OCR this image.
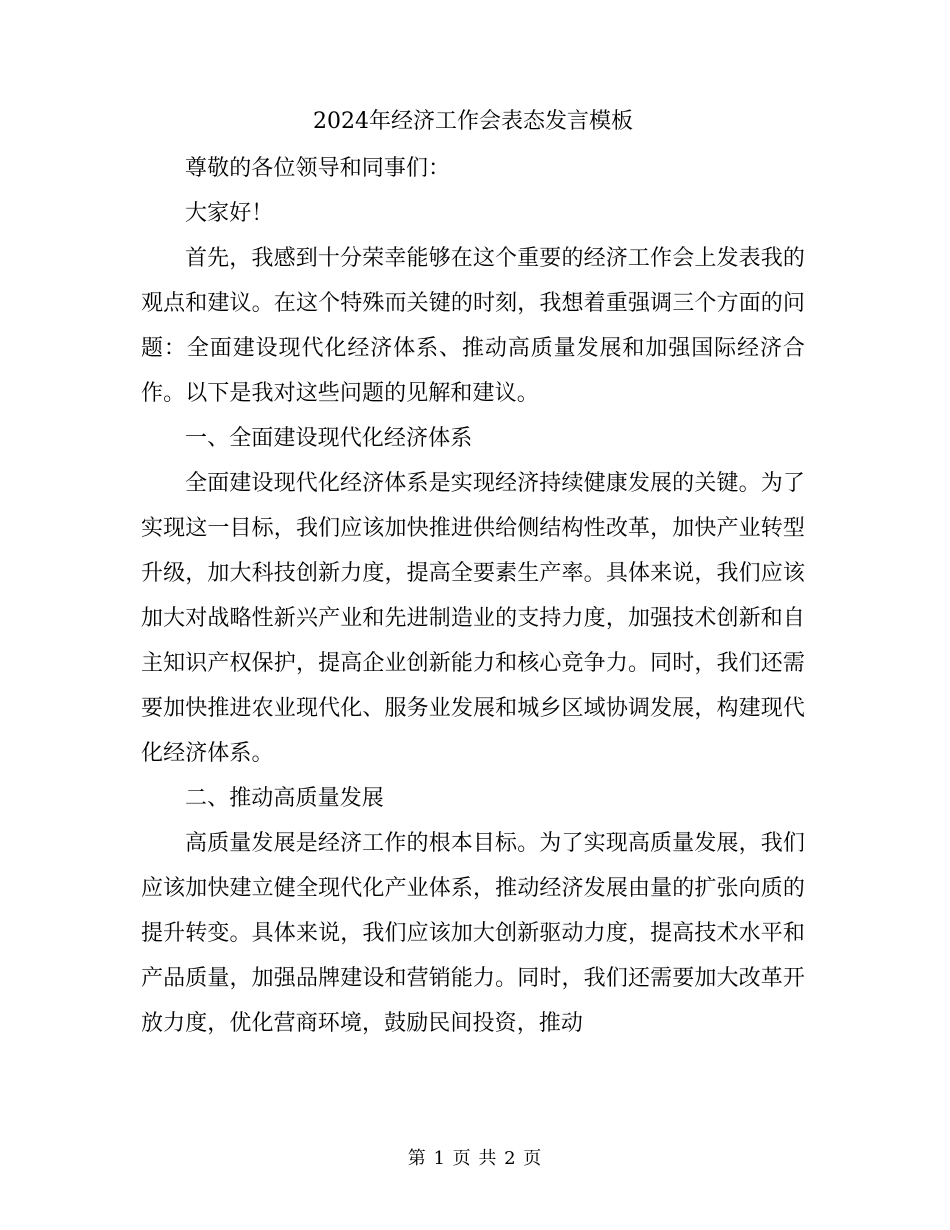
2024年经济工作会表态发言模板

尊敬的各位领导和同事们：

大家好！

首先，我感到十分荣幸能够在这个重要的经济工作会上发表我的观点和建议。在这个特殊而关键的时刻，我想着重强调三个方面的问题：全面建设现代化经济体系、推动高质量发展和加强国际经济合作。以下是我对这些问题的见解和建议。

一、全面建设现代化经济体系

全面建设现代化经济体系是实现经济持续健康发展的关键。为了实现这一目标，我们应该加快推进供给侧结构性改革，加快产业转型升级，加大科技创新力度，提高全要素生产率。具体来说，我们应该加大对战略性新兴产业和先进制造业的支持力度，加强技术创新和自主知识产权保护，提高企业创新能力和核心竞争力。同时，我们还需要加快推进农业现代化、服务业发展和城乡区域协调发展，构建现代化经济体系。

二、推动高质量发展

高质量发展是经济工作的根本目标。为了实现高质量发展，我们应该加快建立健全现代化产业体系，推动经济发展由量的扩张向质的提升转变。具体来说，我们应该加大创新驱动力度，提高技术水平和产品质量，加强品牌建设和营销能力。同时，我们还需要加大改革开放力度，优化营商环境，鼓励民间投资，推动

第 1 页 共 2 页
